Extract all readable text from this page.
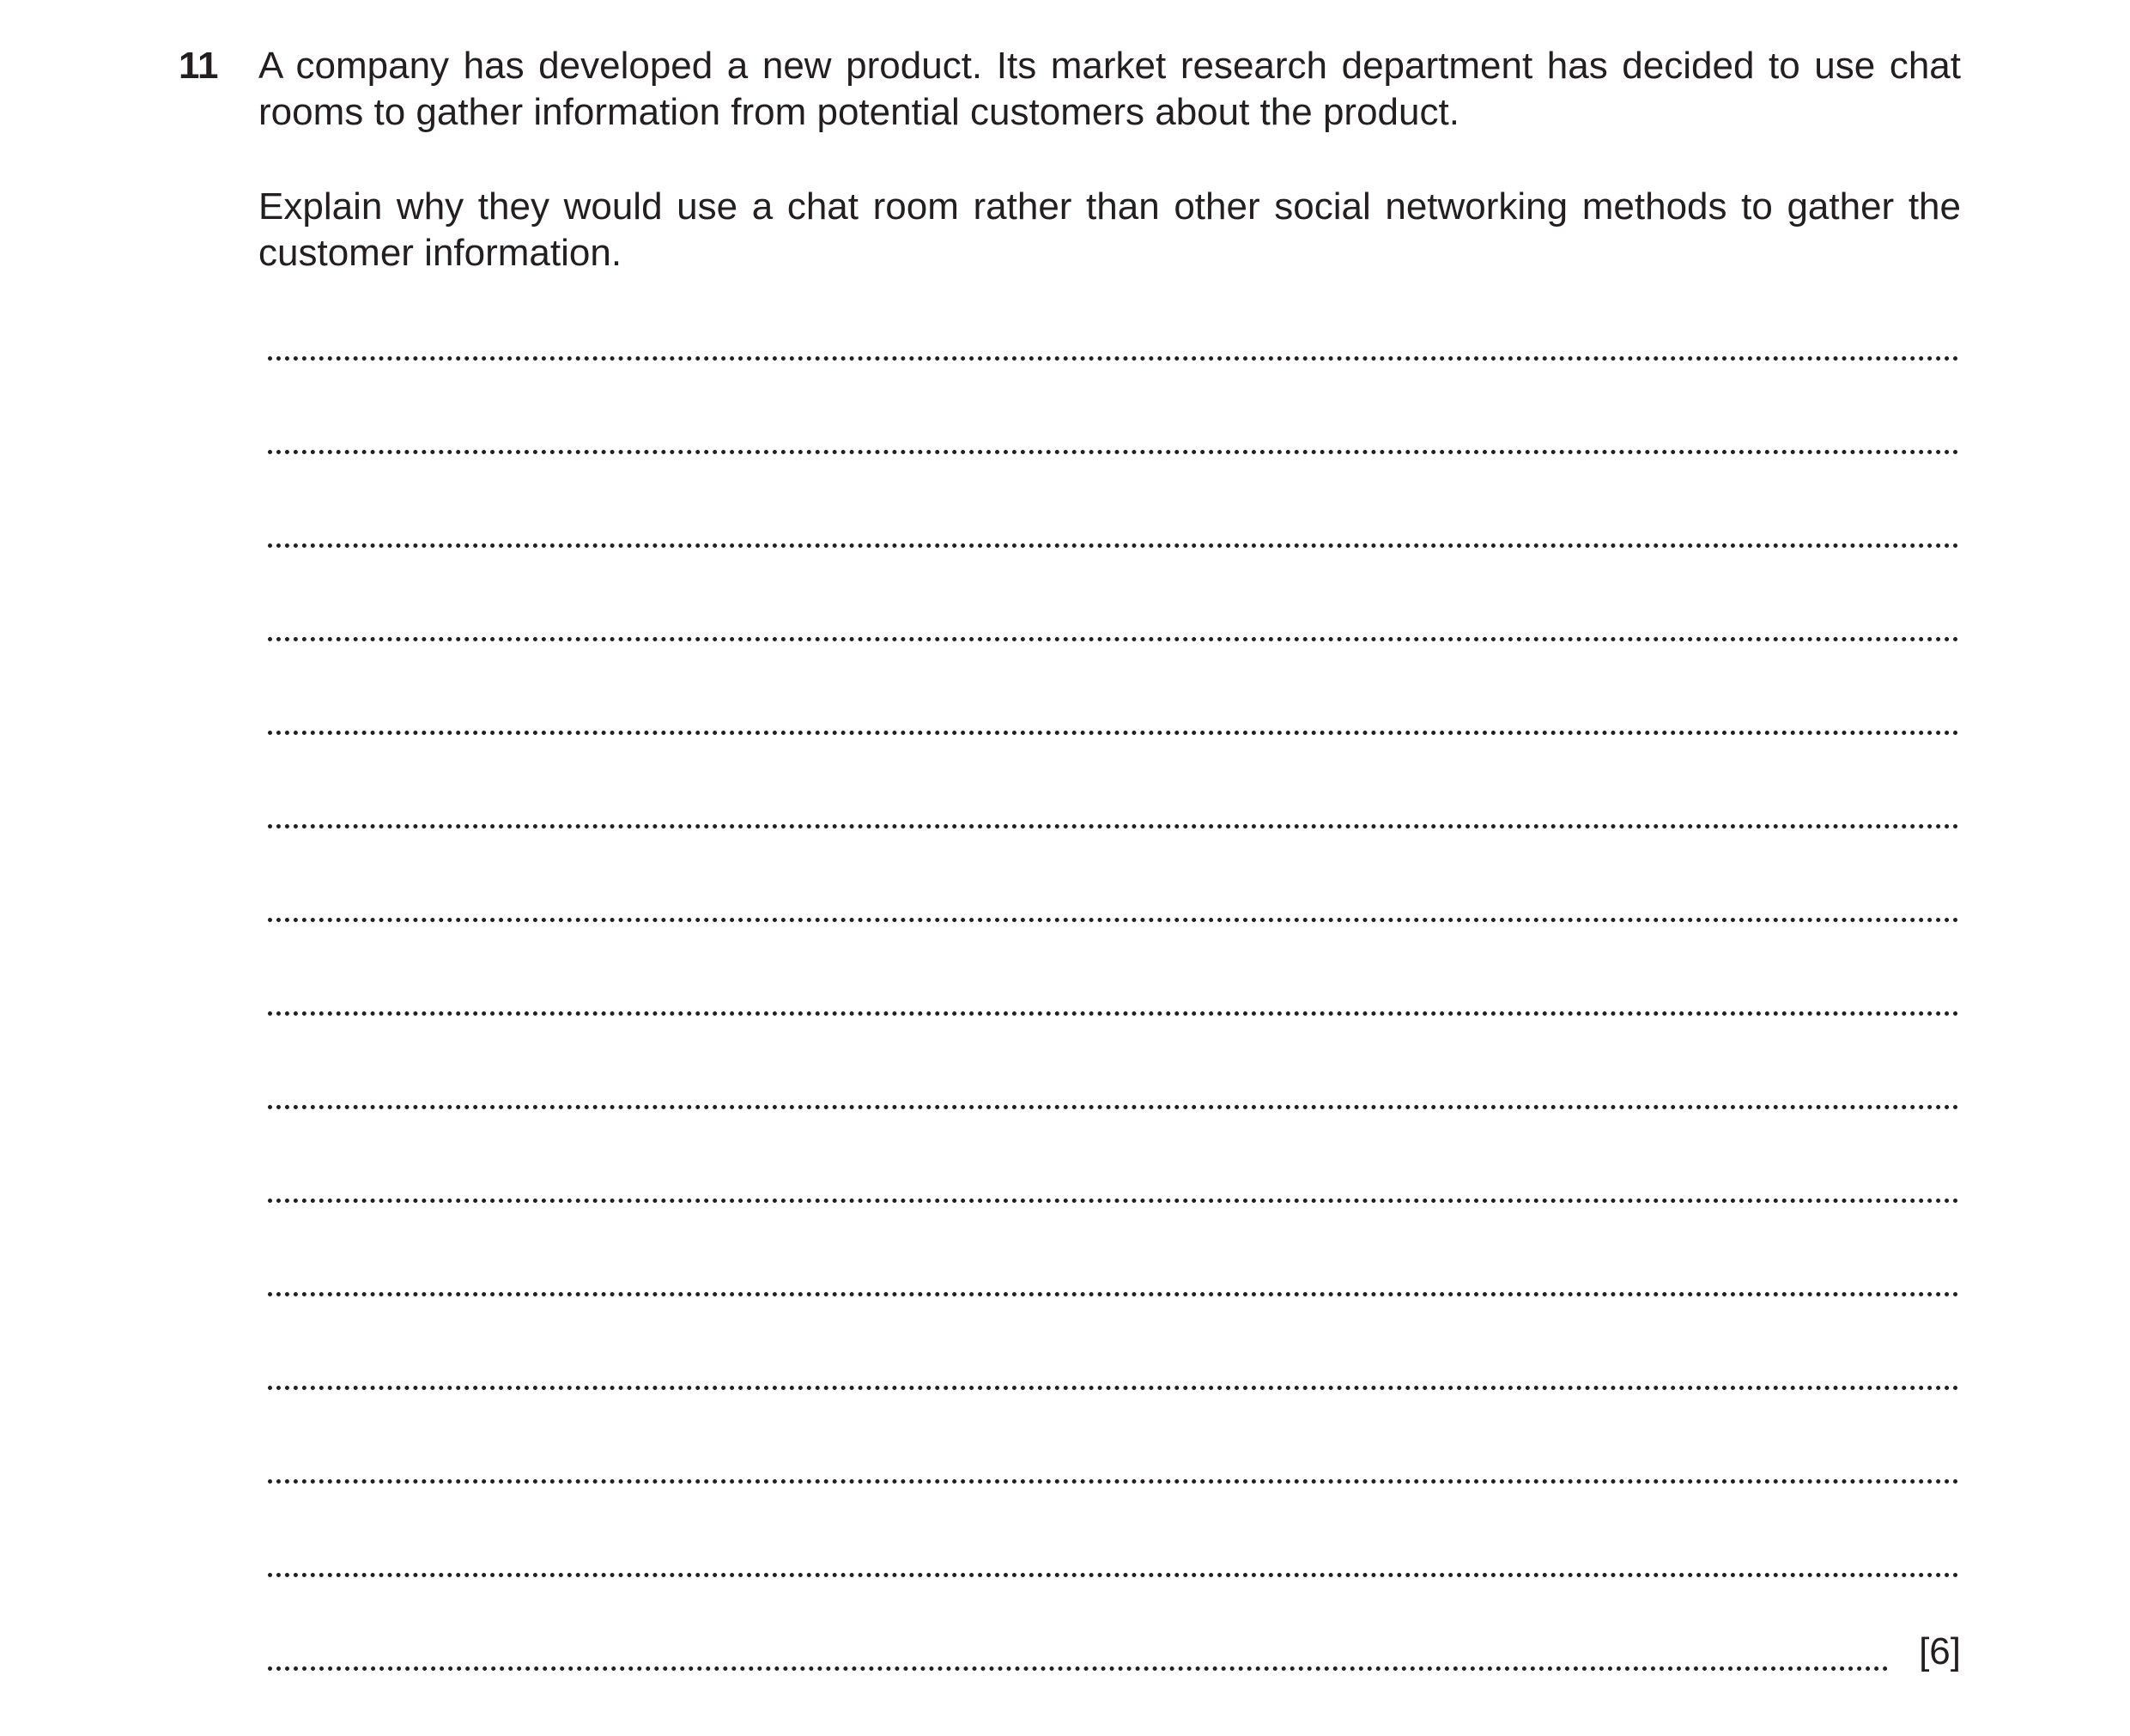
11 A company has developed a new product. Its market research department has decided to use chat rooms to gather information from potential customers about the product.

Explain why they would use a chat room rather than other social networking methods to gather the customer information.

[6]
